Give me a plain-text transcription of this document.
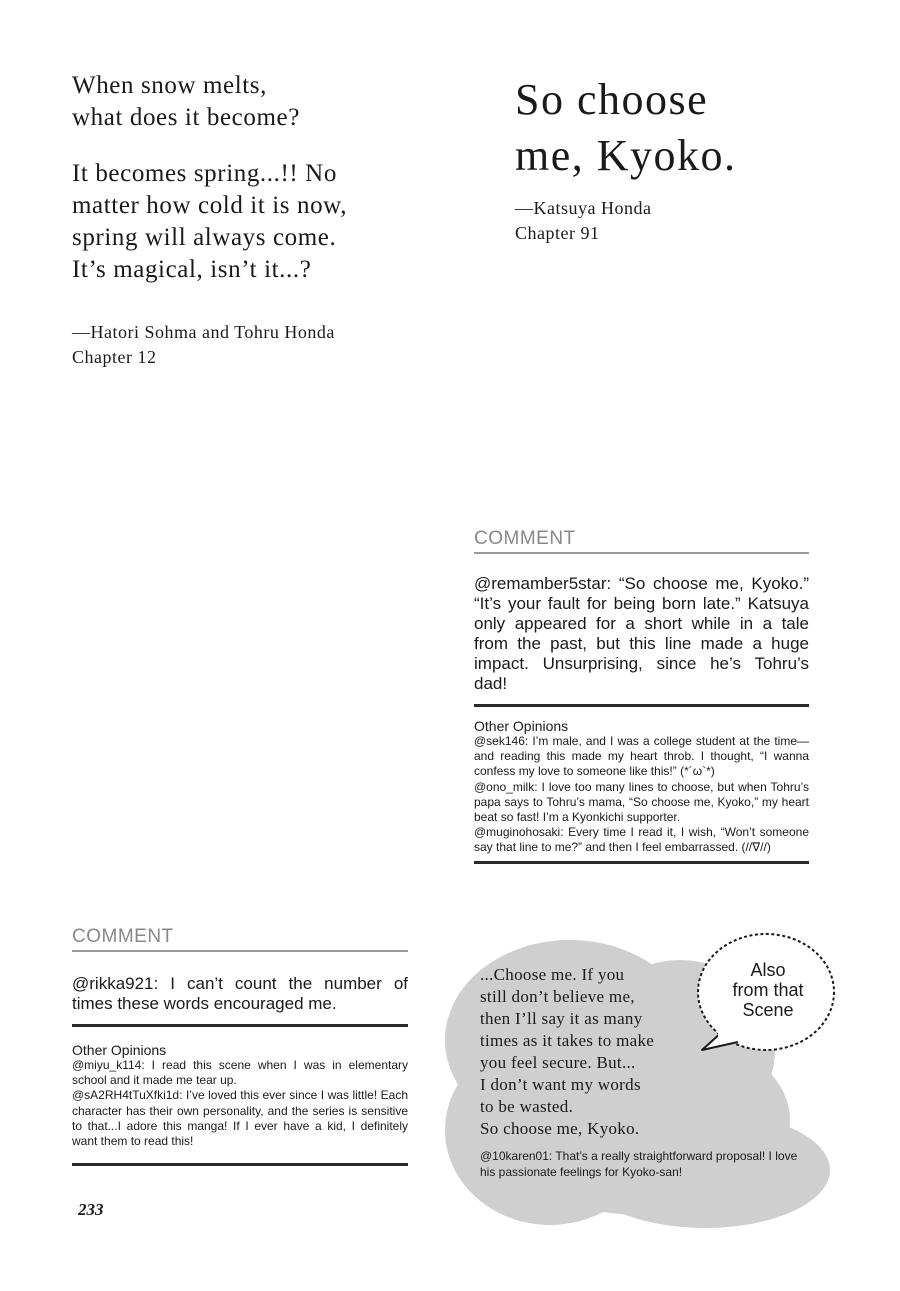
When snow melts,
what does it become?

It becomes spring...!! No
matter how cold it is now,
spring will always come.
It’s magical, isn’t it...?

—Hatori Sohma and Tohru Honda
Chapter 12
So choose
me, Kyoko.
—Katsuya Honda
Chapter 91
COMMENT
@remamber5star: “So choose me, Kyoko.” “It’s your fault for being born late.” Katsuya only appeared for a short while in a tale from the past, but this line made a huge impact. Unsurprising, since he’s Tohru’s dad!
Other Opinions
@sek146: I’m male, and I was a college student at the time—and reading this made my heart throb. I thought, “I wanna confess my love to someone like this!” (*´ω`*)
@ono_milk: I love too many lines to choose, but when Tohru’s papa says to Tohru’s mama, “So choose me, Kyoko,” my heart beat so fast! I’m a Kyonkichi supporter.
@muginohosaki: Every time I read it, I wish, “Won’t someone say that line to me?” and then I feel embarrassed. (//∇//)
COMMENT
@rikka921: I can’t count the number of times these words encouraged me.
Other Opinions
@miyu_k114: I read this scene when I was in elementary school and it made me tear up.
@sA2RH4tTuXfki1d: I’ve loved this ever since I was little! Each character has their own personality, and the series is sensitive to that...I adore this manga! If I ever have a kid, I definitely want them to read this!
Also
from that
Scene
...Choose me. If you
still don’t believe me,
then I’ll say it as many
times as it takes to make
you feel secure. But...
I don’t want my words
to be wasted.
So choose me, Kyoko.
@10karen01: That’s a really straightforward proposal! I love his passionate feelings for Kyoko-san!
233
